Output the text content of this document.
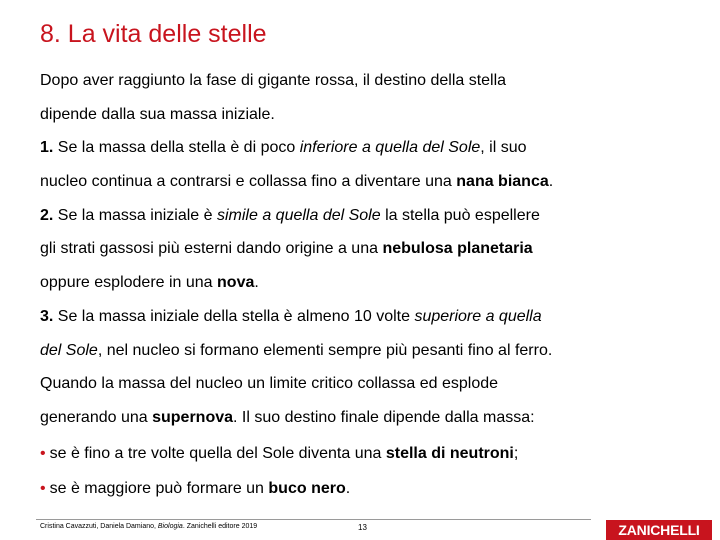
8. La vita delle stelle
Dopo aver raggiunto la fase di gigante rossa, il destino della stella
dipende dalla sua massa iniziale.
1. Se la massa della stella è di poco inferiore a quella del Sole, il suo
nucleo continua a contrarsi e collassa fino a diventare una nana bianca.
2. Se la massa iniziale è simile a quella del Sole la stella può espellere
gli strati gassosi più esterni dando origine a una nebulosa planetaria
oppure esplodere in una nova.
3. Se la massa iniziale della stella è almeno 10 volte superiore a quella
del Sole, nel nucleo si formano elementi sempre più pesanti fino al ferro.
Quando la massa del nucleo un limite critico collassa ed esplode
generando una supernova. Il suo destino finale dipende dalla massa:
• se è fino a tre volte quella del Sole diventa una stella di neutroni;
• se è maggiore può formare un buco nero.
Cristina Cavazzuti, Daniela Damiano, Biologia. Zanichelli editore 2019	13	ZANICHELLI
